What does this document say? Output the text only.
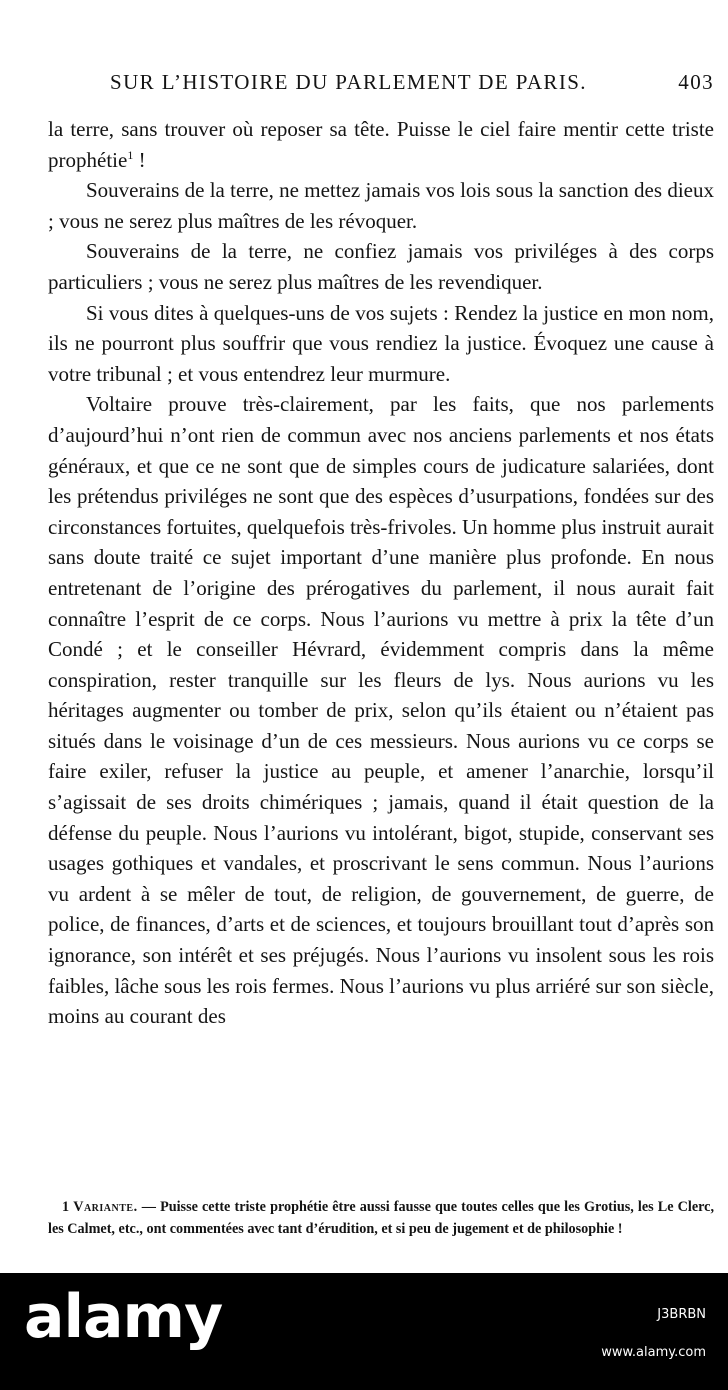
SUR L’HISTOIRE DU PARLEMENT DE PARIS.	403

la terre, sans trouver où reposer sa tête. Puisse le ciel faire mentir cette triste prophétie$^1$ !

Souverains de la terre, ne mettez jamais vos lois sous la sanction des dieux ; vous ne serez plus maîtres de les révoquer.

Souverains de la terre, ne confiez jamais vos priviléges à des corps particuliers ; vous ne serez plus maîtres de les revendiquer.

Si vous dites à quelques-uns de vos sujets : Rendez la justice en mon nom, ils ne pourront plus souffrir que vous rendiez la justice. Évoquez une cause à votre tribunal ; et vous entendrez leur murmure.

Voltaire prouve très-clairement, par les faits, que nos parlements d’aujourd’hui n’ont rien de commun avec nos anciens parlements et nos états généraux, et que ce ne sont que de simples cours de judicature salariées, dont les prétendus priviléges ne sont que des espèces d’usurpations, fondées sur des circonstances fortuites, quelquefois très-frivoles. Un homme plus instruit aurait sans doute traité ce sujet important d’une manière plus profonde. En nous entretenant de l’origine des prérogatives du parlement, il nous aurait fait connaître l’esprit de ce corps. Nous l’aurions vu mettre à prix la tête d’un Condé ; et le conseiller Hévrard, évidemment compris dans la même conspiration, rester tranquille sur les fleurs de lys. Nous aurions vu les héritages augmenter ou tomber de prix, selon qu’ils étaient ou n’étaient pas situés dans le voisinage d’un de ces messieurs. Nous aurions vu ce corps se faire exiler, refuser la justice au peuple, et amener l’anarchie, lorsqu’il s’agissait de ses droits chimériques ; jamais, quand il était question de la défense du peuple. Nous l’aurions vu intolérant, bigot, stupide, conservant ses usages gothiques et vandales, et proscrivant le sens commun. Nous l’aurions vu ardent à se mêler de tout, de religion, de gouvernement, de guerre, de police, de finances, d’arts et de sciences, et toujours brouillant tout d’après son ignorance, son intérêt et ses préjugés. Nous l’aurions vu insolent sous les rois faibles, lâche sous les rois fermes. Nous l’aurions vu plus arriéré sur son siècle, moins au courant des

1 Variante. — Puisse cette triste prophétie être aussi fausse que toutes celles que les Grotius, les Le Clerc, les Calmet, etc., ont commentées avec tant d’érudition, et si peu de jugement et de philosophie !
alamy	J3BRBN
www.alamy.com
